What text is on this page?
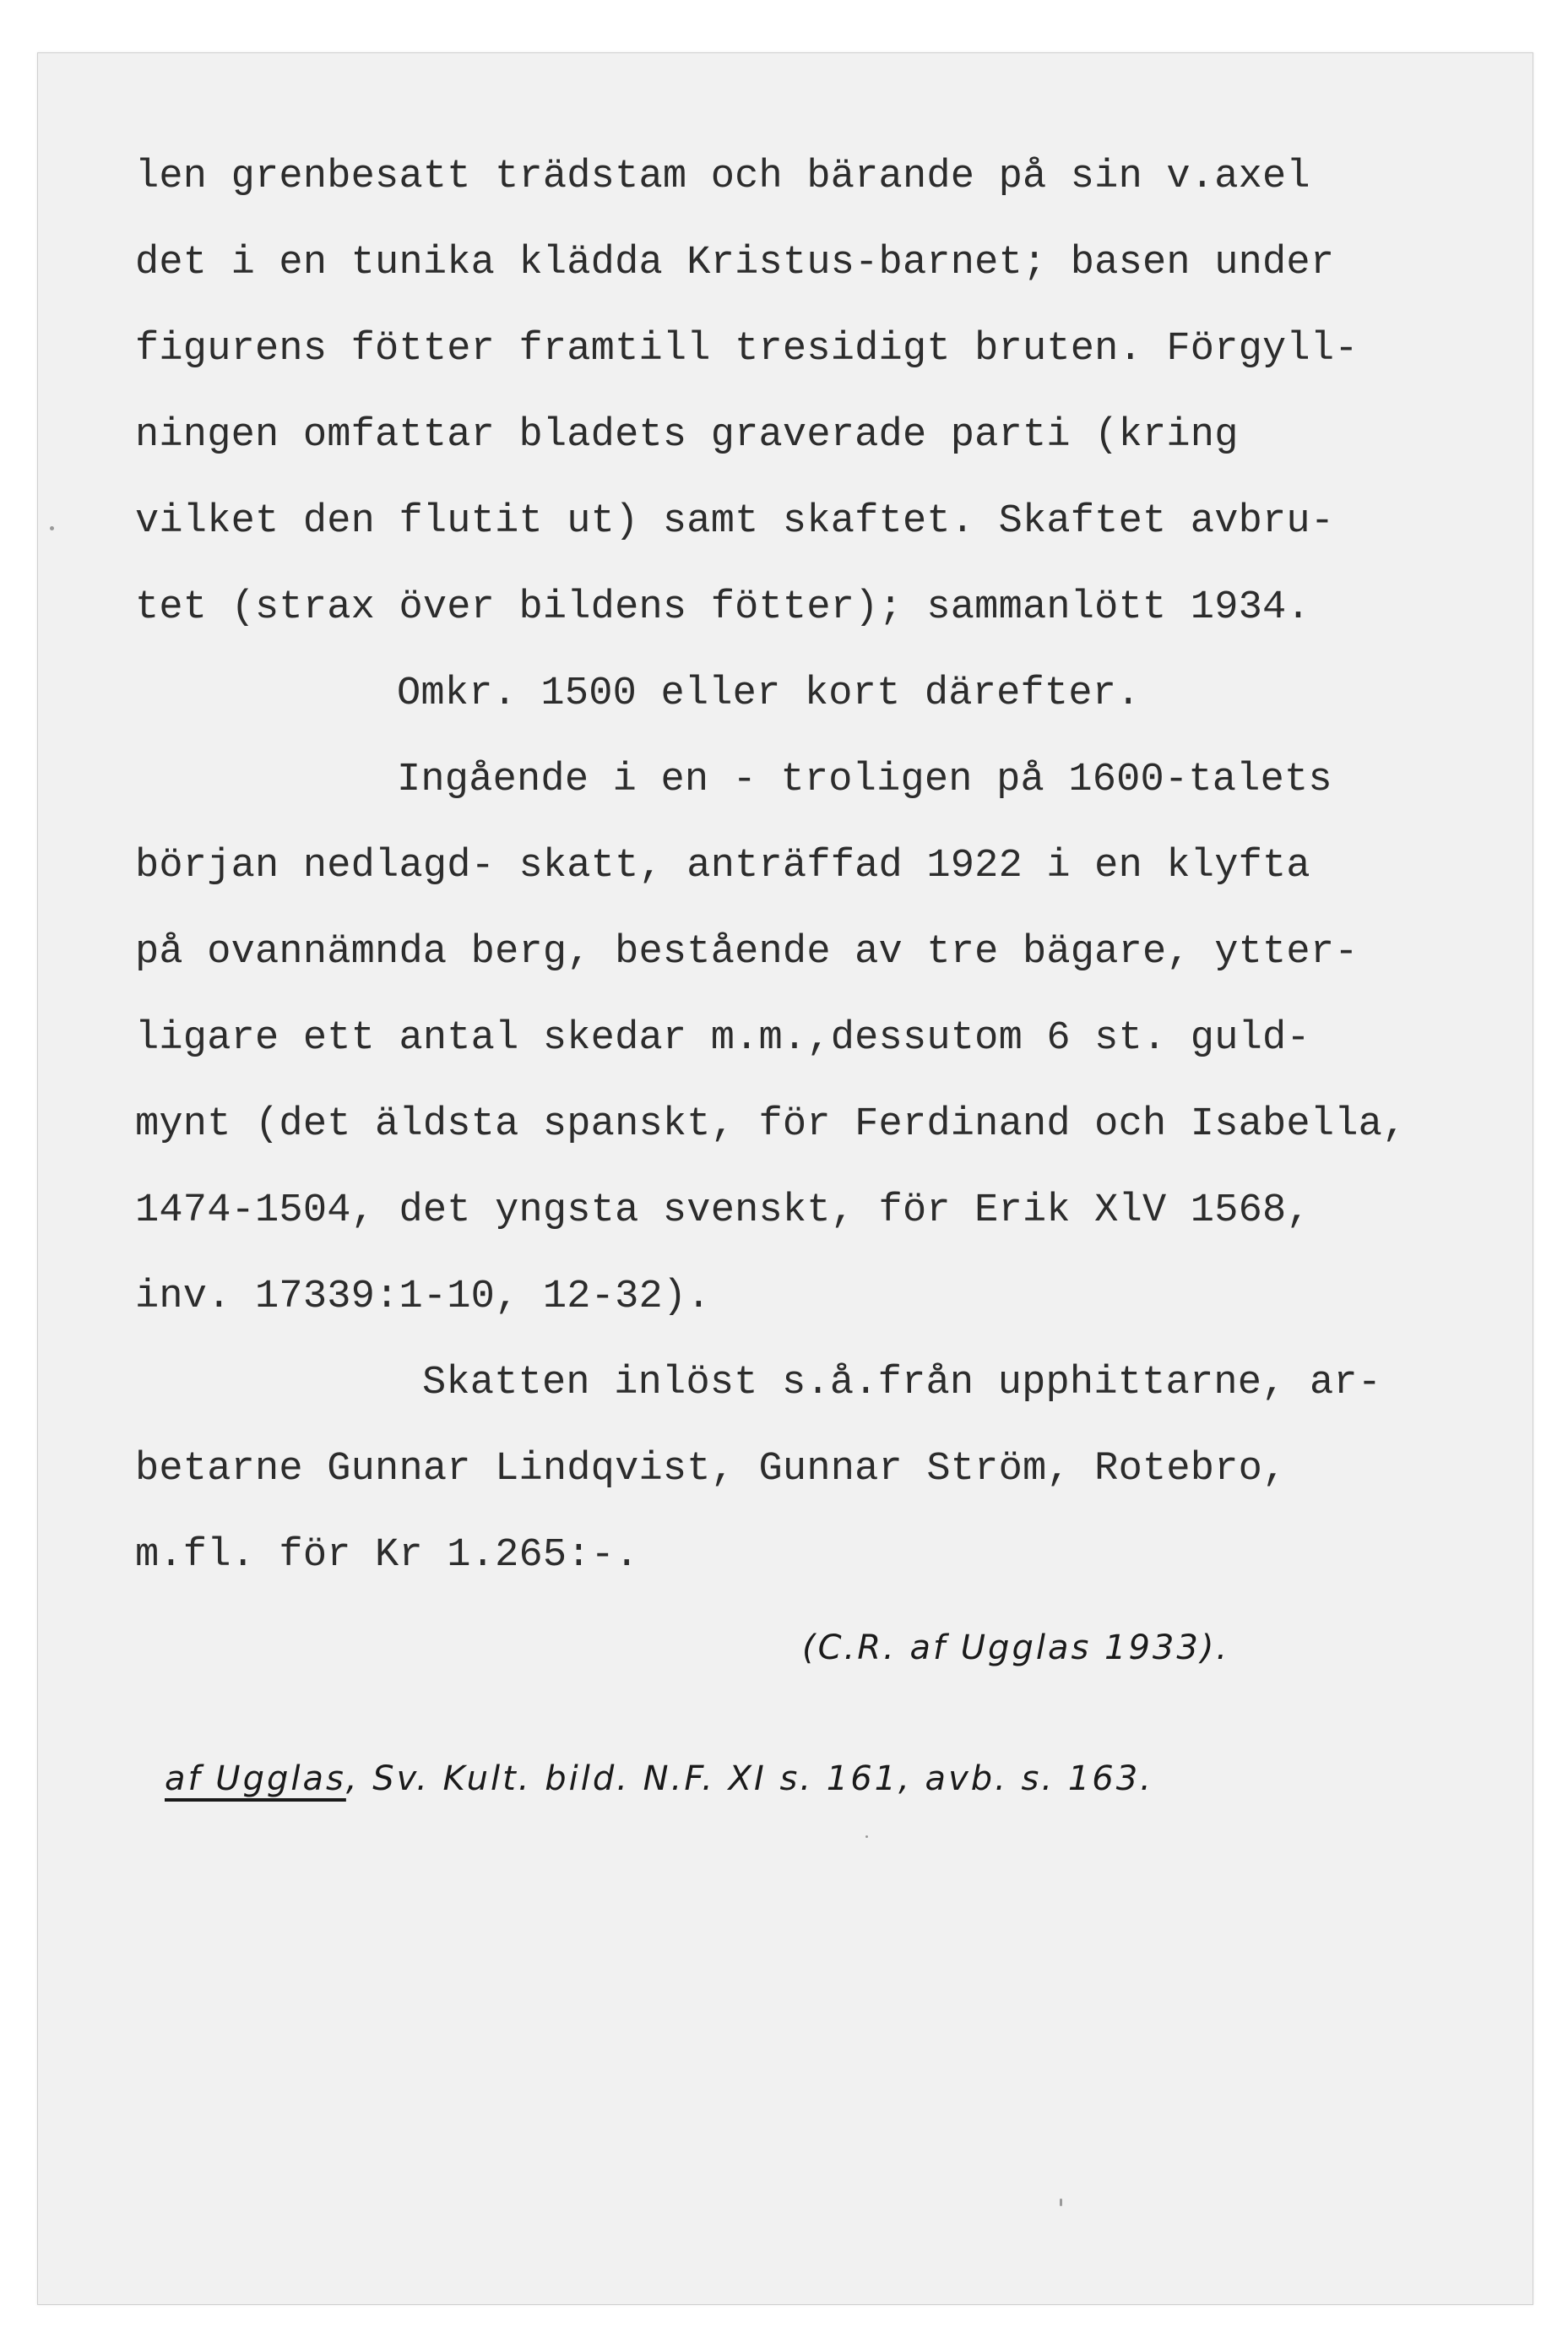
len grenbesatt trädstam och bärande på sin v.axel
det i en tunika klädda Kristus-barnet; basen under
figurens fötter framtill tresidigt bruten. Förgyll-
ningen omfattar bladets graverade parti (kring
vilket den flutit ut) samt skaftet. Skaftet avbru-
tet (strax över bildens fötter); sammanlött 1934.
Omkr. 1500 eller kort därefter.
Ingående i en - troligen på 1600-talets
början nedlagd- skatt, anträffad 1922 i en klyfta
på ovannämnda berg, bestående av tre bägare, ytter-
ligare ett antal skedar m.m.,dessutom 6 st. guld-
mynt (det äldsta spanskt, för Ferdinand och Isabella,
1474-1504, det yngsta svenskt, för Erik XlV 1568,
inv. 17339:1-10, 12-32).
Skatten inlöst s.å.från upphittarne, ar-
betarne Gunnar Lindqvist, Gunnar Ström, Rotebro,
m.fl. för Kr 1.265:-.
(C.R. af Ugglas 1933).
af Ugglas, Sv. Kult. bild. N.F. XI s. 161, avb. s. 163.
